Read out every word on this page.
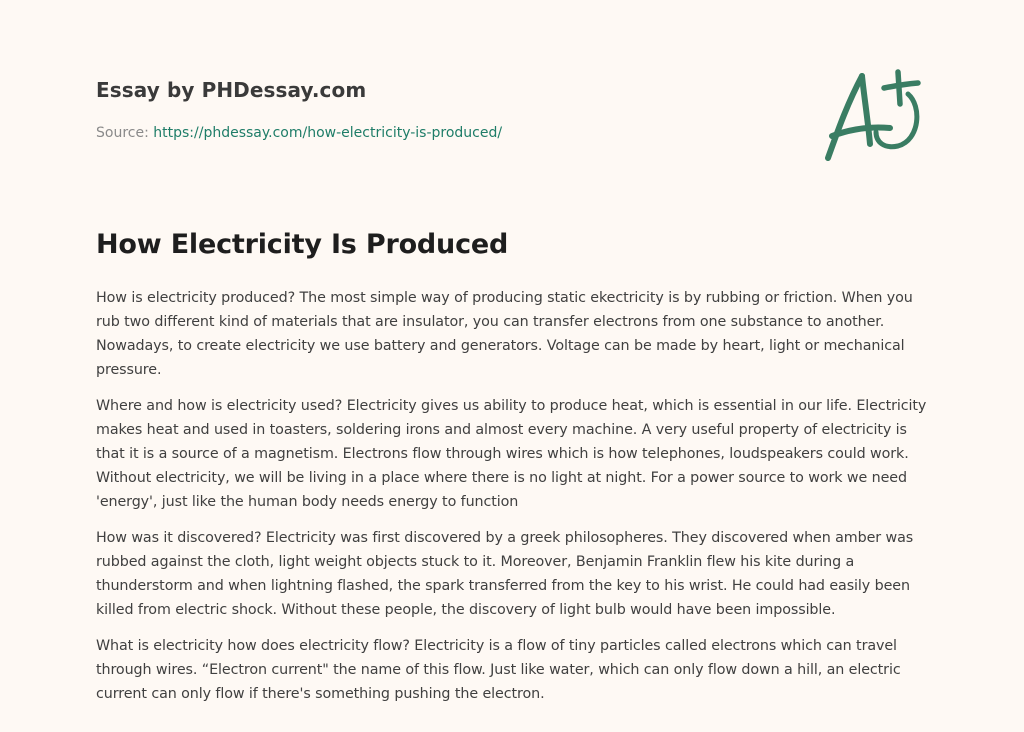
Essay by PHDessay.com
Source: https://phdessay.com/how-electricity-is-produced/
How Electricity Is Produced

How is electricity produced? The most simple way of producing static ekectricity is by rubbing or friction. When you rub two different kind of materials that are insulator, you can transfer electrons from one substance to another. Nowadays, to create electricity we use battery and generators. Voltage can be made by heart, light or mechanical pressure.

Where and how is electricity used? Electricity gives us ability to produce heat, which is essential in our life. Electricity makes heat and used in toasters, soldering irons and almost every machine. A very useful property of electricity is that it is a source of a magnetism. Electrons flow through wires which is how telephones, loudspeakers could work. Without electricity, we will be living in a place where there is no light at night. For a power source to work we need 'energy', just like the human body needs energy to function

How was it discovered? Electricity was first discovered by a greek philosopheres. They discovered when amber was rubbed against the cloth, light weight objects stuck to it. Moreover, Benjamin Franklin flew his kite during a thunderstorm and when lightning flashed, the spark transferred from the key to his wrist. He could had easily been killed from electric shock. Without these people, the discovery of light bulb would have been impossible.

What is electricity how does electricity flow? Electricity is a flow of tiny particles called electrons which can travel through wires. “Electron current" the name of this flow. Just like water, which can only flow down a hill, an electric current can only flow if there's something pushing the electron.
